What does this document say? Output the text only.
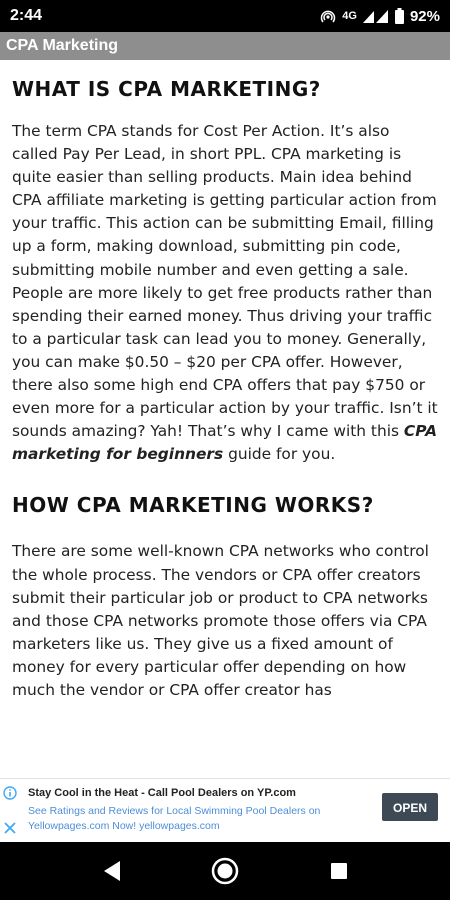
2:44	4G	92%
CPA Marketing
WHAT IS CPA MARKETING?

The term CPA stands for Cost Per Action. It’s also called Pay Per Lead, in short PPL. CPA marketing is quite easier than selling products. Main idea behind CPA affiliate marketing is getting particular action from your traffic. This action can be submitting Email, filling up a form, making download, submitting pin code, submitting mobile number and even getting a sale. People are more likely to get free products rather than spending their earned money. Thus driving your traffic to a particular task can lead you to money. Generally, you can make $0.50 – $20 per CPA offer. However, there also some high end CPA offers that pay $750 or even more for a particular action by your traffic. Isn’t it sounds amazing? Yah! That’s why I came with this CPA marketing for beginners guide for you.

HOW CPA MARKETING WORKS?

There are some well-known CPA networks who control the whole process. The vendors or CPA offer creators submit their particular job or product to CPA networks and those CPA networks promote those offers via CPA marketers like us. They give us a fixed amount of money for every particular offer depending on how much the vendor or CPA offer creator has

Stay Cool in the Heat - Call Pool Dealers on YP.com
See Ratings and Reviews for Local Swimming Pool Dealers on Yellowpages.com Now! yellowpages.com
OPEN
